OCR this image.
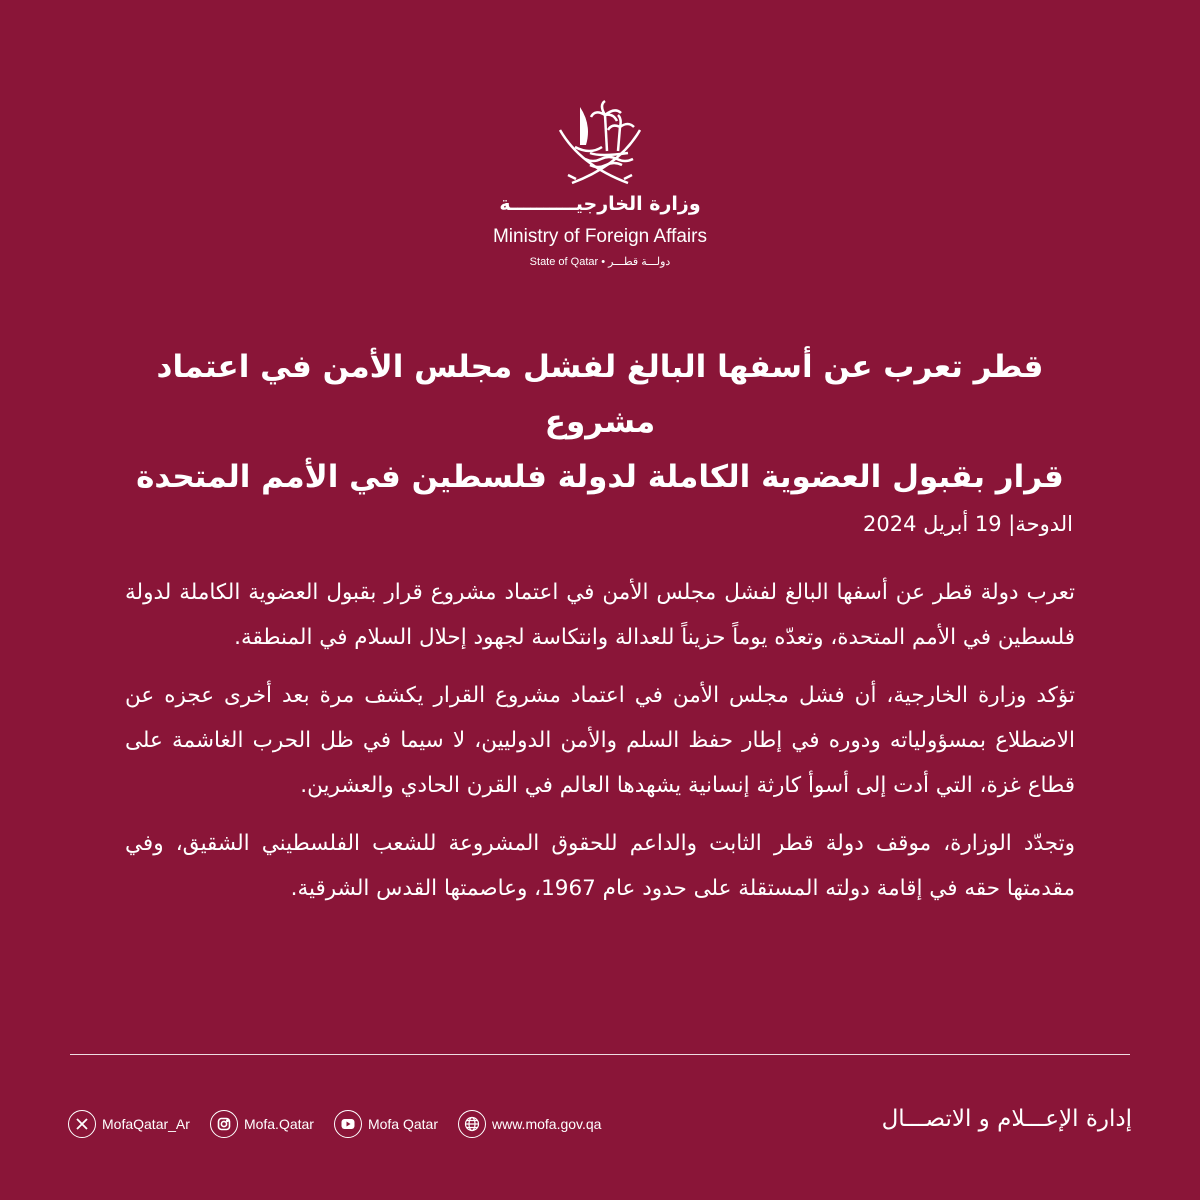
وزارة الخارجيــــــــــة
Ministry of Foreign Affairs
State of Qatar • دولـــة قطـــر
قطر تعرب عن أسفها البالغ لفشل مجلس الأمن في اعتماد مشروع
قرار بقبول العضوية الكاملة لدولة فلسطين في الأمم المتحدة
الدوحة| 19 أبريل 2024

تعرب دولة قطر عن أسفها البالغ لفشل مجلس الأمن في اعتماد مشروع قرار بقبول العضوية الكاملة لدولة فلسطين في الأمم المتحدة، وتعدّه يوماً حزيناً للعدالة وانتكاسة لجهود إحلال السلام في المنطقة.

تؤكد وزارة الخارجية، أن فشل مجلس الأمن في اعتماد مشروع القرار يكشف مرة بعد أخرى عجزه عن الاضطلاع بمسؤولياته ودوره في إطار حفظ السلم والأمن الدوليين، لا سيما في ظل الحرب الغاشمة على قطاع غزة، التي أدت إلى أسوأ كارثة إنسانية يشهدها العالم في القرن الحادي والعشرين.

وتجدّد الوزارة، موقف دولة قطر الثابت والداعم للحقوق المشروعة للشعب الفلسطيني الشقيق، وفي مقدمتها حقه في إقامة دولته المستقلة على حدود عام 1967، وعاصمتها القدس الشرقية.

MofaQatar_Ar	Mofa.Qatar	Mofa Qatar	www.mofa.gov.qa	إدارة الإعـــلام و الاتصـــال
